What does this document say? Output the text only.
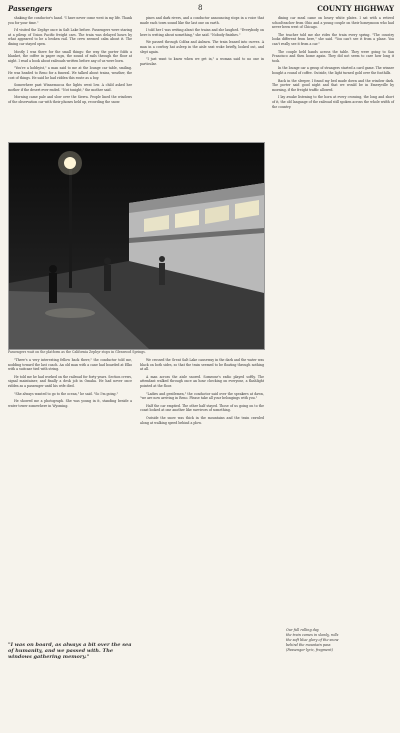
Passengers	8	COUNTY HIGHWAY

shaking the conductor's hand. "I have never come west in my life. Thank you for your time."

I'd visited the Zephyr once in Salt Lake before. Passengers were staring at a pileup of Union Pacific freight cars. The train was delayed hours by what appeared to be a broken rail. The crew seemed calm about it. The dining car stayed open.

Mostly I was there for the small things: the way the porter folds a blanket, the coffee in paper cups, the sound of rails through the floor at night. I read a book about railroads written before any of us were born.

"You're a hobbyist," a man said to me at the lounge car table, smiling. He was headed to Reno for a funeral. We talked about trains, weather, the cost of things. He said he had ridden this route as a boy.

Somewhere past Winnemucca the lights went low. A child asked her mother if the desert ever ended. "Not tonight," the mother said.

Morning came pale and slow over the Sierra. People lined the windows of the observation car with their phones held up, recording the snow.

pines and dark rivers, and a conductor announcing stops in a voice that made each town sound like the last one on earth.

I told her I was writing about the trains and she laughed. "Everybody on here is writing about something," she said. "Nobody finishes."

We passed through Colfax and Auburn. The train leaned into curves. A man in a cowboy hat asleep in the aisle seat woke briefly, looked out, and slept again.

"I just want to know when we get in," a woman said to no one in particular.

dining car meal came on heavy white plates. I sat with a retired schoolteacher from Ohio and a young couple on their honeymoon who had never been west of Chicago.

The teacher told me she rides the train every spring. "The country looks different from here," she said. "You can't see it from a plane. You can't really see it from a car."

The couple held hands across the table. They were going to San Francisco and then home again. They did not seem to care how long it took.

In the lounge car a group of strangers started a card game. The winner bought a round of coffee. Outside, the light turned gold over the foothills.

Back in the sleeper, I found my bed made down and the window dark. The porter said good night and that we would be in Emeryville by morning, if the freight traffic allowed.

I lay awake listening to the horn at every crossing, the long and short of it, the old language of the railroad still spoken across the whole width of the country.

Passengers wait on the platform as the California Zephyr stops in Glenwood Springs.

"There's a very interesting fellow back there," the conductor told me, nodding toward the last coach. An old man with a cane had boarded at Elko with a suitcase tied with string.

He told me he had worked on the railroad for forty years. Section crews, signal maintainer, and finally a desk job in Omaha. He had never once ridden as a passenger until his wife died.

"She always wanted to go to the ocean," he said. "So I'm going."

He showed me a photograph. She was young in it, standing beside a water tower somewhere in Wyoming.

We crossed the Great Salt Lake causeway in the dark and the water was black on both sides, so that the train seemed to be floating through nothing at all.

A man across the aisle snored. Someone's radio played softly. The attendant walked through once an hour checking on everyone, a flashlight pointed at the floor.

"Ladies and gentlemen," the conductor said over the speakers at dawn, "we are now arriving in Reno. Please take all your belongings with you."

Half the car emptied. The other half stayed. Those of us going on to the coast looked at one another like survivors of something.

Outside the snow was thick in the mountains and the train crawled along at walking speed behind a plow.

"I was on board, as always a bit over the sea of humanity, and we passed with. The windows gathering memory."
Our full rolling day
the train comes in slowly, rolls
the soft blue glory of the snow
behind the mountain pass
(Passenger lyric, fragment)
